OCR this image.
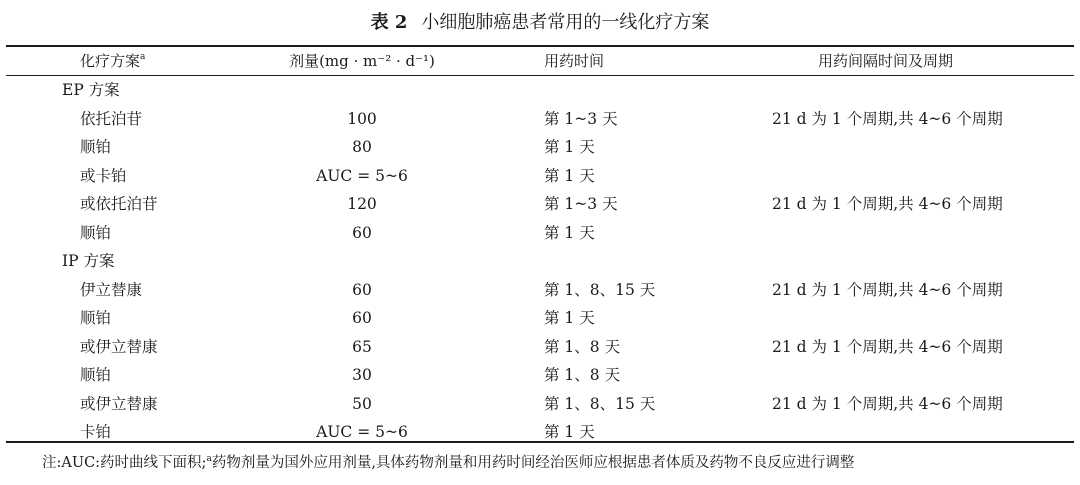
表 2 小细胞肺癌患者常用的一线化疗方案
化疗方案$^a$	剂量(mg · m⁻² · d⁻¹)	用药时间	用药间隔时间及周期
EP 方案
依托泊苷	100	第 1~3 天	21 d 为 1 个周期,共 4~6 个周期
顺铂	80	第 1 天
或卡铂	AUC = 5~6	第 1 天
或依托泊苷	120	第 1~3 天	21 d 为 1 个周期,共 4~6 个周期
顺铂	60	第 1 天
IP 方案
伊立替康	60	第 1、8、15 天	21 d 为 1 个周期,共 4~6 个周期
顺铂	60	第 1 天
或伊立替康	65	第 1、8 天	21 d 为 1 个周期,共 4~6 个周期
顺铂	30	第 1、8 天
或伊立替康	50	第 1、8、15 天	21 d 为 1 个周期,共 4~6 个周期
卡铂	AUC = 5~6	第 1 天
注:AUC:药时曲线下面积;$^a$药物剂量为国外应用剂量,具体药物剂量和用药时间经治医师应根据患者体质及药物不良反应进行调整
